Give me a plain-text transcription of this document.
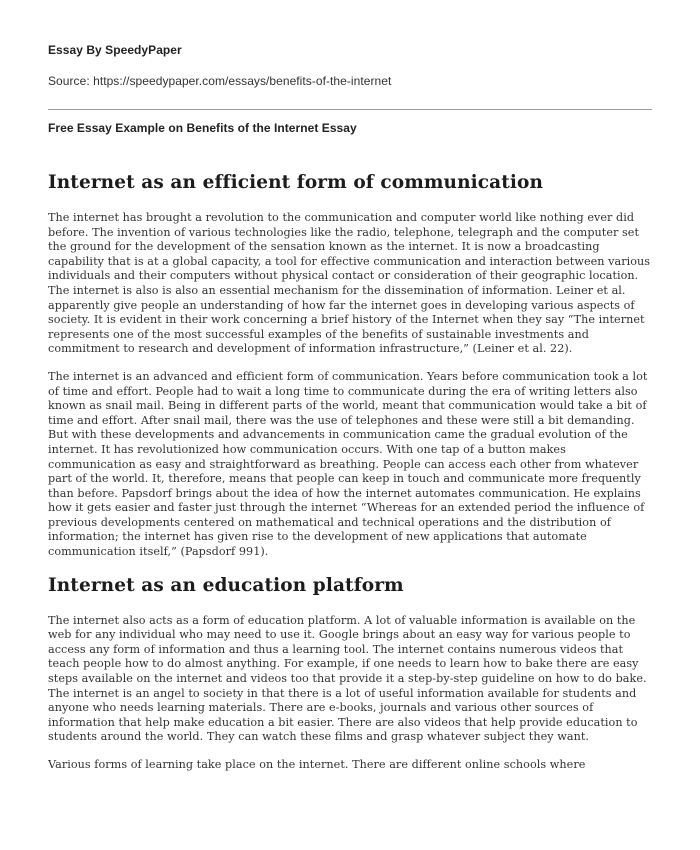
Essay By SpeedyPaper

Source: https://speedypaper.com/essays/benefits-of-the-internet

Free Essay Example on Benefits of the Internet Essay

Internet as an efficient form of communication

The internet has brought a revolution to the communication and computer world like nothing ever did before. The invention of various technologies like the radio, telephone, telegraph and the computer set the ground for the development of the sensation known as the internet. It is now a broadcasting capability that is at a global capacity, a tool for effective communication and interaction between various individuals and their computers without physical contact or consideration of their geographic location. The internet is also is also an essential mechanism for the dissemination of information. Leiner et al. apparently give people an understanding of how far the internet goes in developing various aspects of society. It is evident in their work concerning a brief history of the Internet when they say “The internet represents one of the most successful examples of the benefits of sustainable investments and commitment to research and development of information infrastructure,” (Leiner et al. 22).

The internet is an advanced and efficient form of communication. Years before communication took a lot of time and effort. People had to wait a long time to communicate during the era of writing letters also known as snail mail. Being in different parts of the world, meant that communication would take a bit of time and effort. After snail mail, there was the use of telephones and these were still a bit demanding. But with these developments and advancements in communication came the gradual evolution of the internet. It has revolutionized how communication occurs. With one tap of a button makes communication as easy and straightforward as breathing. People can access each other from whatever part of the world. It, therefore, means that people can keep in touch and communicate more frequently than before. Papsdorf brings about the idea of how the internet automates communication. He explains how it gets easier and faster just through the internet “Whereas for an extended period the influence of previous developments centered on mathematical and technical operations and the distribution of information; the internet has given rise to the development of new applications that automate communication itself,” (Papsdorf 991).

Internet as an education platform

The internet also acts as a form of education platform. A lot of valuable information is available on the web for any individual who may need to use it. Google brings about an easy way for various people to access any form of information and thus a learning tool. The internet contains numerous videos that teach people how to do almost anything. For example, if one needs to learn how to bake there are easy steps available on the internet and videos too that provide it a step-by-step guideline on how to do bake. The internet is an angel to society in that there is a lot of useful information available for students and anyone who needs learning materials. There are e-books, journals and various other sources of information that help make education a bit easier. There are also videos that help provide education to students around the world. They can watch these films and grasp whatever subject they want.

Various forms of learning take place on the internet. There are different online schools where
